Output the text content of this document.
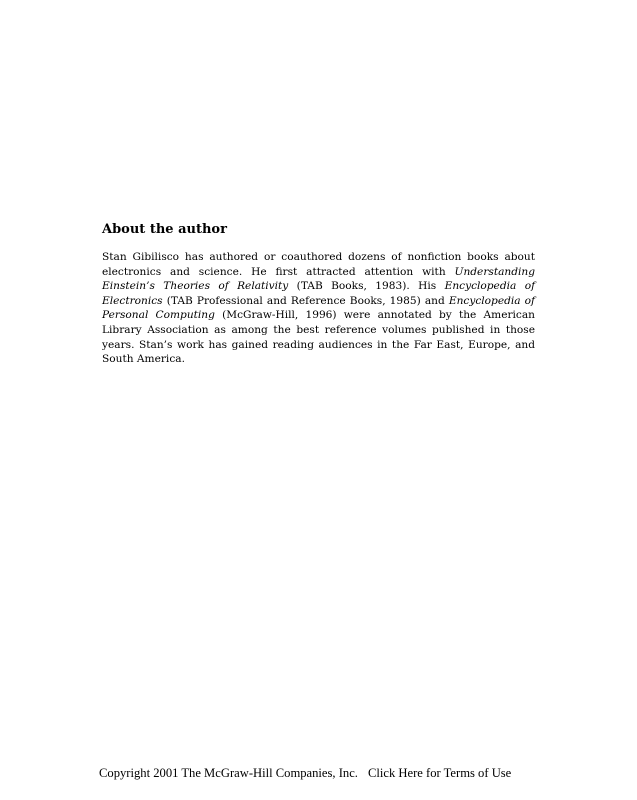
About the author

Stan Gibilisco has authored or coauthored dozens of nonfiction books about electronics and science. He first attracted attention with Understanding Einstein’s Theories of Relativity (TAB Books, 1983). His Encyclopedia of Electronics (TAB Professional and Reference Books, 1985) and Encyclopedia of Personal Computing (McGraw-Hill, 1996) were annotated by the American Library Association as among the best reference volumes published in those years. Stan’s work has gained reading audiences in the Far East, Europe, and South America.

Copyright 2001 The McGraw-Hill Companies, Inc. Click Here for Terms of Use
